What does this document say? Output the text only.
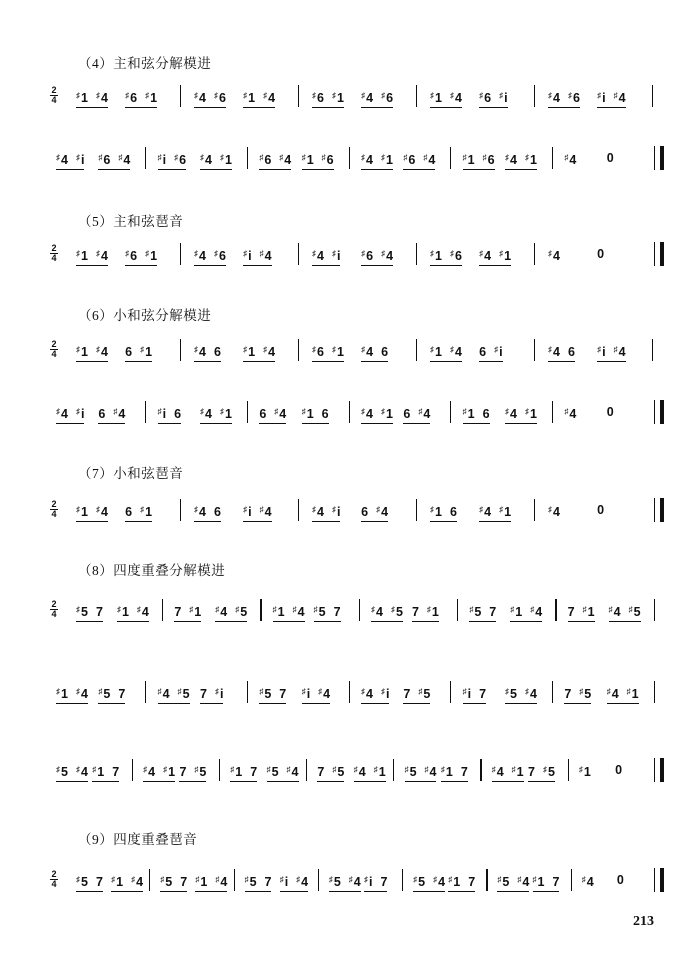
（4）主和弦分解模进
（5）主和弦琶音
（6）小和弦分解模进
（7）小和弦琶音
（8）四度重叠分解模进
（9）四度重叠琶音
2
4 ♯1 ♯4 ♯6 ♯1	♯4 ♯6 ♯1 ♯4	♯6 ♯1 ♯4 ♯6	♯1 ♯4 ♯6 ♯i	♯4 ♯6 ♯i ♯4
♯4 ♯i ♯6 ♯4	♯i ♯6 ♯4 ♯1	♯6 ♯4 ♯1 ♯6	♯4 ♯1 ♯6 ♯4	♯1 ♯6 ♯4 ♯1	♯4 0
2
4 ♯1 ♯4 ♯6 ♯1	♯4 ♯6 ♯i ♯4	♯4 ♯i	♯6 ♯4	♯1 ♯6 ♯4 ♯1	♯4	0
2
4 ♯1 ♯4 6 ♯1	♯4 6	♯1 ♯4	♯6 ♯1 ♯4 6	♯1 ♯4 6 ♯i	♯4 6	♯i ♯4
♯4 ♯i 6 ♯4	♯i 6 ♯4 ♯1 6 ♯4 ♯1 6	♯4 ♯1 6 ♯4	♯1 6 ♯4 ♯1	♯4 0
2
4 ♯1 ♯4 6 ♯1	♯4 6	♯i ♯4	♯4 ♯i 6 ♯4	♯1 6	♯4 ♯1	♯4	0
2
4 ♯5 7 ♯1 ♯4 7 ♯1 ♯4 ♯5	♯1 ♯4 ♯5 7	♯4 ♯5 7 ♯1	♯5 7 ♯1 ♯4 7 ♯1 ♯4 ♯5
♯1 ♯4 ♯5 7	♯4 ♯5 7 ♯i	♯5 7 ♯i ♯4	♯4 ♯i 7 ♯5	♯i 7 ♯5 ♯4 7 ♯5 ♯4 ♯1
♯5 ♯4 ♯1 7	♯4 ♯1 7 ♯5	♯1 7 ♯5 ♯4 7 ♯5 ♯4 ♯1 ♯5 ♯4 ♯1 7	♯4 ♯1 7 ♯5	♯1 0
2
4 ♯5 7 ♯1 ♯4 ♯5 7 ♯1 ♯4 ♯5 7 ♯i ♯4	♯5 ♯4 ♯i 7	♯5 ♯4 ♯1 7	♯5 ♯4 ♯1 7	♯4 0
213
